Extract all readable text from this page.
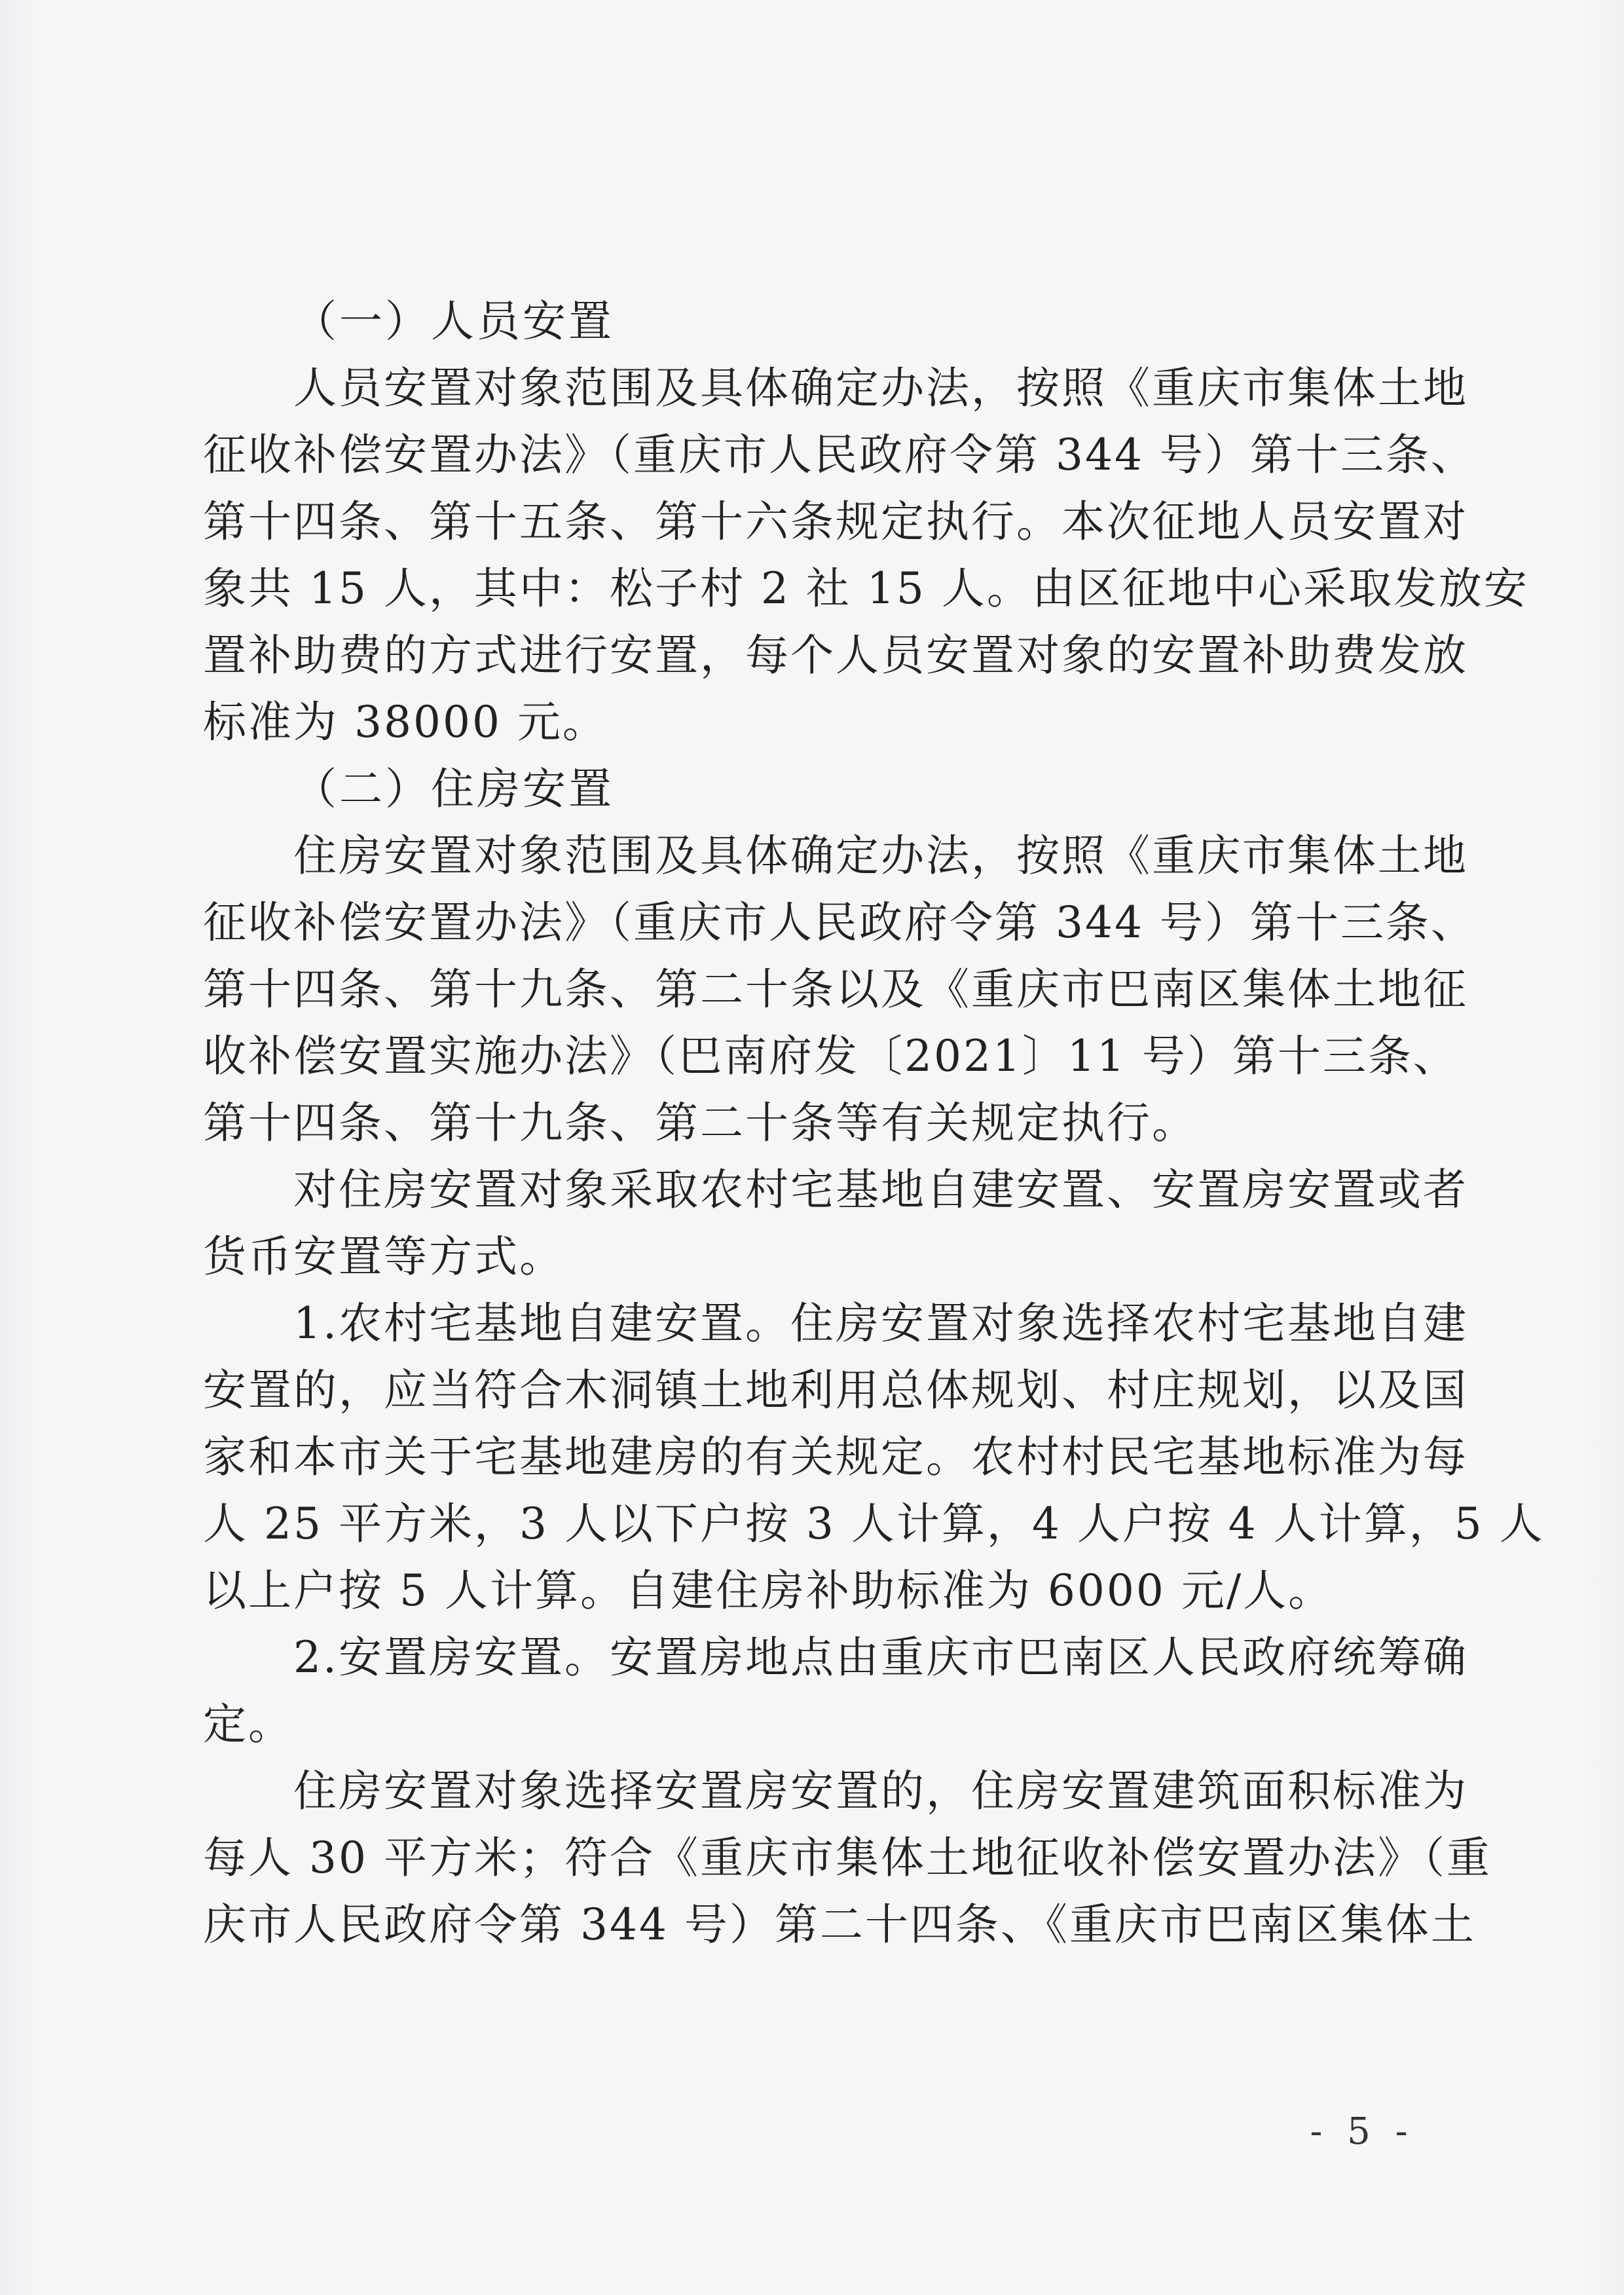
（一）人员安置
人员安置对象范围及具体确定办法，按照《重庆市集体土地
征收补偿安置办法》（重庆市人民政府令第 344 号）第十三条、
第十四条、第十五条、第十六条规定执行。本次征地人员安置对
象共 15 人，其中：松子村 2 社 15 人。由区征地中心采取发放安
置补助费的方式进行安置，每个人员安置对象的安置补助费发放
标准为 38000 元。
（二）住房安置
住房安置对象范围及具体确定办法，按照《重庆市集体土地
征收补偿安置办法》（重庆市人民政府令第 344 号）第十三条、
第十四条、第十九条、第二十条以及《重庆市巴南区集体土地征
收补偿安置实施办法》（巴南府发〔2021〕11 号）第十三条、
第十四条、第十九条、第二十条等有关规定执行。
对住房安置对象采取农村宅基地自建安置、安置房安置或者
货币安置等方式。
1.农村宅基地自建安置。住房安置对象选择农村宅基地自建
安置的，应当符合木洞镇土地利用总体规划、村庄规划，以及国
家和本市关于宅基地建房的有关规定。农村村民宅基地标准为每
人 25 平方米，3 人以下户按 3 人计算，4 人户按 4 人计算，5 人
以上户按 5 人计算。自建住房补助标准为 6000 元/人。
2.安置房安置。安置房地点由重庆市巴南区人民政府统筹确
定。
住房安置对象选择安置房安置的，住房安置建筑面积标准为
每人 30 平方米；符合《重庆市集体土地征收补偿安置办法》（重
庆市人民政府令第 344 号）第二十四条、《重庆市巴南区集体土
- 5 -
